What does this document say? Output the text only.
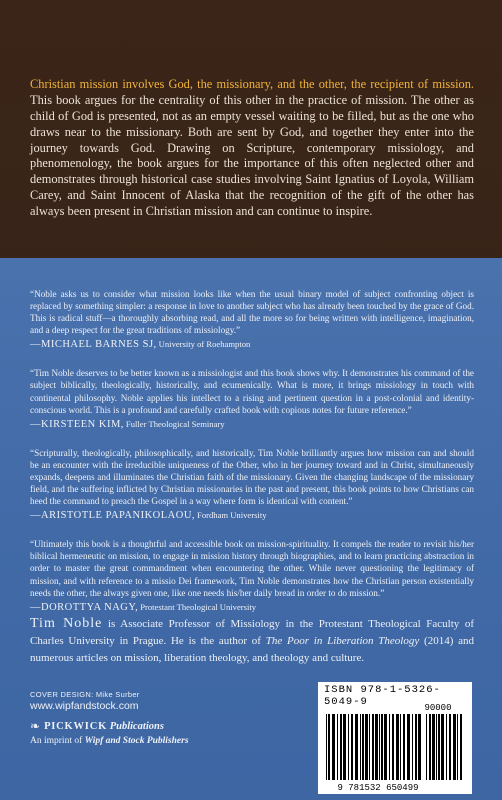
Christian mission involves God, the missionary, and the other, the recipient of mission. This book argues for the centrality of this other in the practice of mission. The other as child of God is presented, not as an empty vessel waiting to be filled, but as the one who draws near to the missionary. Both are sent by God, and together they enter into the journey towards God. Drawing on Scripture, contemporary missiology, and phenomenology, the book argues for the importance of this often neglected other and demonstrates through historical case studies involving Saint Ignatius of Loyola, William Carey, and Saint Innocent of Alaska that the recognition of the gift of the other has always been present in Christian mission and can continue to inspire.

“Noble asks us to consider what mission looks like when the usual binary model of subject confronting object is replaced by something simpler: a response in love to another subject who has already been touched by the grace of God. This is radical stuff—a thoroughly absorbing read, and all the more so for being written with intelligence, imagination, and a deep respect for the great traditions of missiology.”

—MICHAEL BARNES SJ, University of Roehampton

“Tim Noble deserves to be better known as a missiologist and this book shows why. It demonstrates his command of the subject biblically, theologically, historically, and ecumenically. What is more, it brings missiology in touch with continental philosophy. Noble applies his intellect to a rising and pertinent question in a post-colonial and identity-conscious world. This is a profound and carefully crafted book with copious notes for future reference.”

—KIRSTEEN KIM, Fuller Theological Seminary

“Scripturally, theologically, philosophically, and historically, Tim Noble brilliantly argues how mission can and should be an encounter with the irreducible uniqueness of the Other, who in her journey toward and in Christ, simultaneously expands, deepens and illuminates the Christian faith of the missionary. Given the changing landscape of the missionary field, and the suffering inflicted by Christian missionaries in the past and present, this book points to how Christians can heed the command to preach the Gospel in a way where form is identical with content.”

—ARISTOTLE PAPANIKOLAOU, Fordham University

“Ultimately this book is a thoughtful and accessible book on mission-spirituality. It compels the reader to revisit his/her biblical hermeneutic on mission, to engage in mission history through biographies, and to learn practicing abstraction in order to master the great commandment when encountering the other. While never questioning the legitimacy of mission, and with reference to a missio Dei framework, Tim Noble demonstrates how the Christian person existentially needs the other, the always given one, like one needs his/her daily bread in order to do mission.”

—DOROTTYA NAGY, Protestant Theological University

Tim Noble is Associate Professor of Missiology in the Protestant Theological Faculty of Charles University in Prague. He is the author of The Poor in Liberation Theology (2014) and numerous articles on mission, liberation theology, and theology and culture.

COVER DESIGN: Mike Surber
www.wipfandstock.com
❧ PICKWICK
Publications
An imprint of Wipf and Stock Publishers
ISBN 978-1-5326-5049-9	90000
9 781532 650499
